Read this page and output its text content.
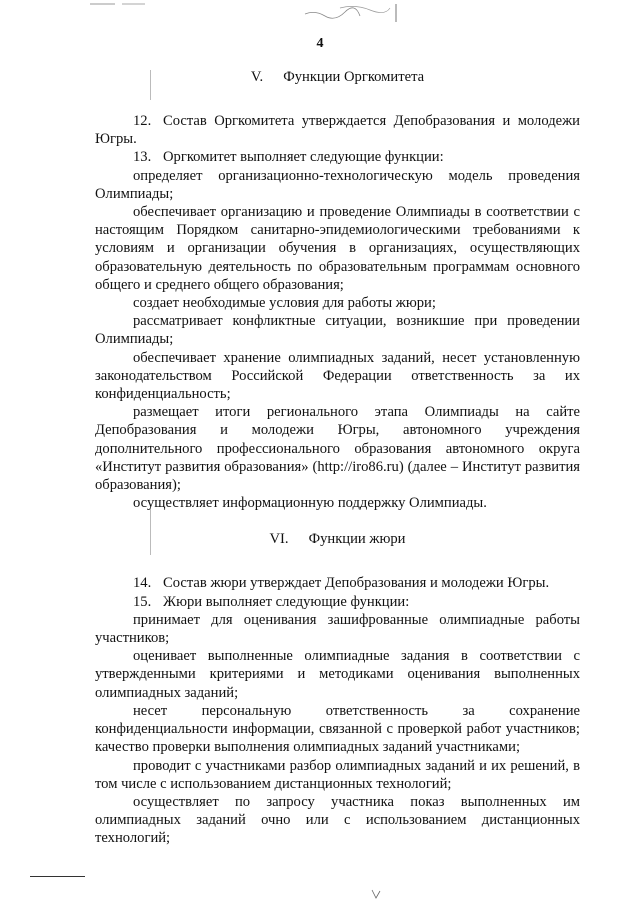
4
V. Функции Оргкомитета

12. Состав Оргкомитета утверждается Депобразования и молодежи Югры.

13. Оргкомитет выполняет следующие функции:

определяет организационно-технологическую модель проведения Олимпиады;

обеспечивает организацию и проведение Олимпиады в соответствии с настоящим Порядком санитарно-эпидемиологическими требованиями к условиям и организации обучения в организациях, осуществляющих образовательную деятельность по образовательным программам основного общего и среднего общего образования;

создает необходимые условия для работы жюри;

рассматривает конфликтные ситуации, возникшие при проведении Олимпиады;

обеспечивает хранение олимпиадных заданий, несет установленную законодательством Российской Федерации ответственность за их конфиденциальность;

размещает итоги регионального этапа Олимпиады на сайте Депобразования и молодежи Югры, автономного учреждения дополнительного профессионального образования автономного округа «Институт развития образования» (http://iro86.ru) (далее – Институт развития образования);

осуществляет информационную поддержку Олимпиады.

VI. Функции жюри

14. Состав жюри утверждает Депобразования и молодежи Югры.

15. Жюри выполняет следующие функции:

принимает для оценивания зашифрованные олимпиадные работы участников;

оценивает выполненные олимпиадные задания в соответствии с утвержденными критериями и методиками оценивания выполненных олимпиадных заданий;

несет персональную ответственность за сохранение конфиденциальности информации, связанной с проверкой работ участников; качество проверки выполнения олимпиадных заданий участниками;

проводит с участниками разбор олимпиадных заданий и их решений, в том числе с использованием дистанционных технологий;

осуществляет по запросу участника показ выполненных им олимпиадных заданий очно или с использованием дистанционных технологий;
